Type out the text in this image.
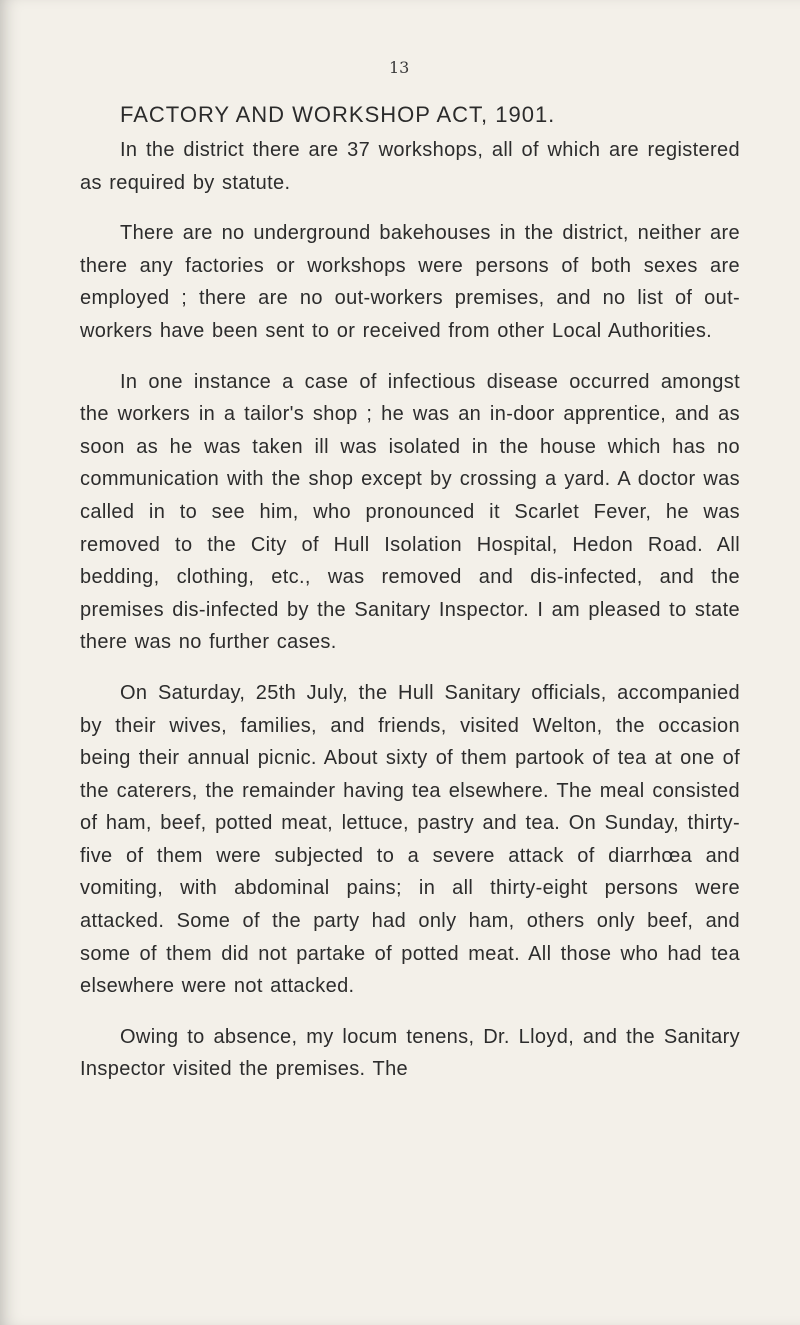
13
FACTORY AND WORKSHOP ACT, 1901.

In the district there are 37 workshops, all of which are registered as required by statute.

There are no underground bakehouses in the district, neither are there any factories or workshops were persons of both sexes are employed ; there are no out-workers premises, and no list of out-workers have been sent to or received from other Local Authorities.

In one instance a case of infectious disease occurred amongst the workers in a tailor's shop ; he was an in-door apprentice, and as soon as he was taken ill was isolated in the house which has no communication with the shop except by crossing a yard. A doctor was called in to see him, who pronounced it Scarlet Fever, he was removed to the City of Hull Isolation Hospital, Hedon Road. All bedding, clothing, etc., was removed and dis-infected, and the premises dis-infected by the Sanitary Inspector. I am pleased to state there was no further cases.

On Saturday, 25th July, the Hull Sanitary officials, accompanied by their wives, families, and friends, visited Welton, the occasion being their annual picnic. About sixty of them partook of tea at one of the caterers, the remainder having tea elsewhere. The meal consisted of ham, beef, potted meat, lettuce, pastry and tea. On Sunday, thirty-five of them were subjected to a severe attack of diarrhœa and vomiting, with abdominal pains; in all thirty-eight persons were attacked. Some of the party had only ham, others only beef, and some of them did not partake of potted meat. All those who had tea elsewhere were not attacked.

Owing to absence, my locum tenens, Dr. Lloyd, and the Sanitary Inspector visited the premises. The
